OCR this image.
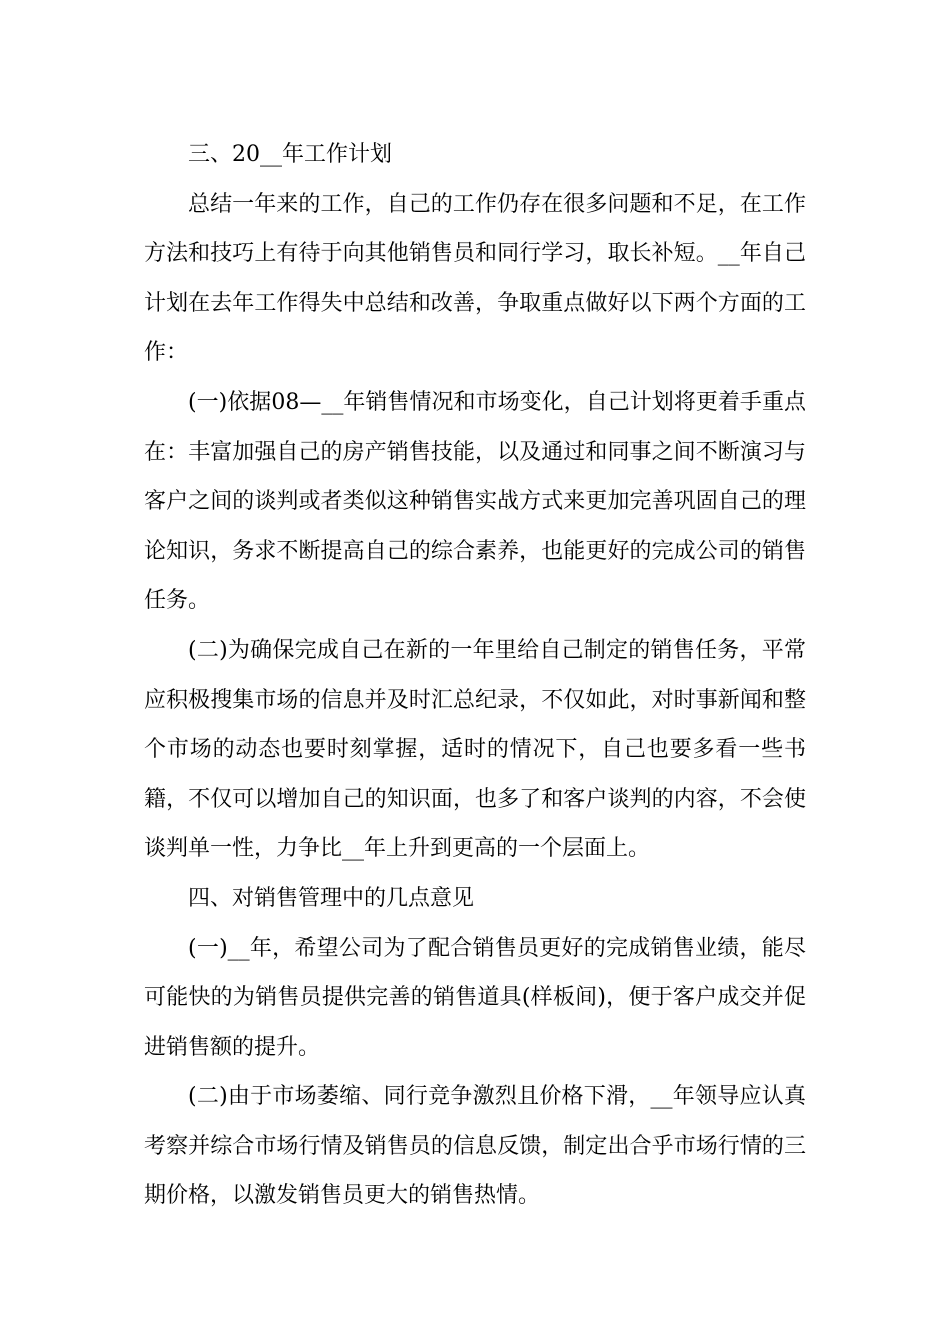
三、20__年工作计划

总结一年来的工作，自己的工作仍存在很多问题和不足，在工作方法和技巧上有待于向其他销售员和同行学习，取长补短。__年自己计划在去年工作得失中总结和改善，争取重点做好以下两个方面的工作：

(一)依据08—__年销售情况和市场变化，自己计划将更着手重点在：丰富加强自己的房产销售技能，以及通过和同事之间不断演习与客户之间的谈判或者类似这种销售实战方式来更加完善巩固自己的理论知识，务求不断提高自己的综合素养，也能更好的完成公司的销售任务。

(二)为确保完成自己在新的一年里给自己制定的销售任务，平常应积极搜集市场的信息并及时汇总纪录，不仅如此，对时事新闻和整个市场的动态也要时刻掌握，适时的情况下，自己也要多看一些书籍，不仅可以增加自己的知识面，也多了和客户谈判的内容，不会使谈判单一性，力争比__年上升到更高的一个层面上。

四、对销售管理中的几点意见

(一)__年，希望公司为了配合销售员更好的完成销售业绩，能尽可能快的为销售员提供完善的销售道具(样板间)，便于客户成交并促进销售额的提升。

(二)由于市场萎缩、同行竞争激烈且价格下滑，__年领导应认真考察并综合市场行情及销售员的信息反馈，制定出合乎市场行情的三期价格，以激发销售员更大的销售热情。
